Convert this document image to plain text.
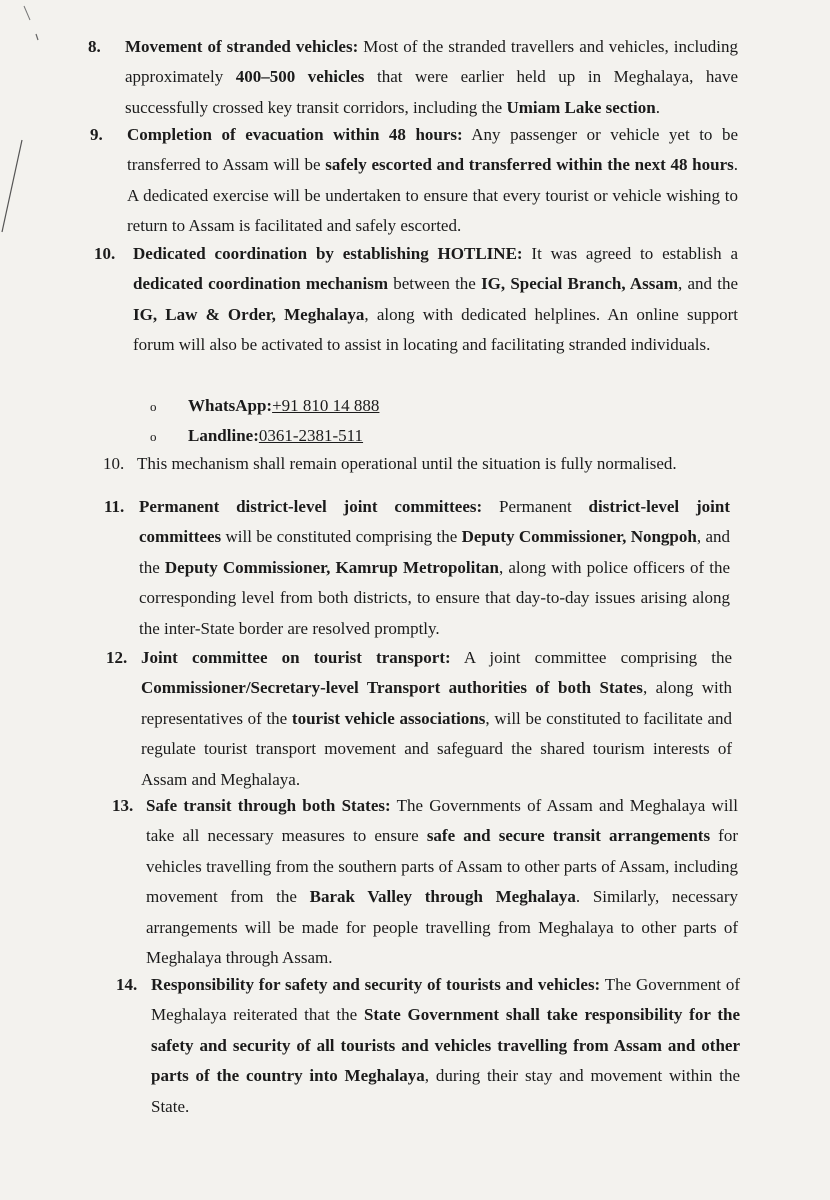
8.	Movement of stranded vehicles: Most of the stranded travellers and vehicles, including approximately 400–500 vehicles that were earlier held up in Meghalaya, have successfully crossed key transit corridors, including the Umiam Lake section.

9.	Completion of evacuation within 48 hours: Any passenger or vehicle yet to be transferred to Assam will be safely escorted and transferred within the next 48 hours. A dedicated exercise will be undertaken to ensure that every tourist or vehicle wishing to return to Assam is facilitated and safely escorted.

10.	Dedicated coordination by establishing HOTLINE: It was agreed to establish a dedicated coordination mechanism between the IG, Special Branch, Assam, and the IG, Law & Order, Meghalaya, along with dedicated helplines. An online support forum will also be activated to assist in locating and facilitating stranded individuals.

o WhatsApp:+91 810 14 888
o Landline:0361-2381-511
10. This mechanism shall remain operational until the situation is fully normalised.
11. Permanent district-level joint committees: Permanent district-level joint committees will be constituted comprising the Deputy Commissioner, Nongpoh, and the Deputy Commissioner, Kamrup Metropolitan, along with police officers of the corresponding level from both districts, to ensure that day-to-day issues arising along the inter-State border are resolved promptly.

12. Joint committee on tourist transport: A joint committee comprising the Commissioner/Secretary-level Transport authorities of both States, along with representatives of the tourist vehicle associations, will be constituted to facilitate and regulate tourist transport movement and safeguard the shared tourism interests of Assam and Meghalaya.

13. Safe transit through both States: The Governments of Assam and Meghalaya will take all necessary measures to ensure safe and secure transit arrangements for vehicles travelling from the southern parts of Assam to other parts of Assam, including movement from the Barak Valley through Meghalaya. Similarly, necessary arrangements will be made for people travelling from Meghalaya to other parts of Meghalaya through Assam.

14. Responsibility for safety and security of tourists and vehicles: The Government of Meghalaya reiterated that the State Government shall take responsibility for the safety and security of all tourists and vehicles travelling from Assam and other parts of the country into Meghalaya, during their stay and movement within the State.
